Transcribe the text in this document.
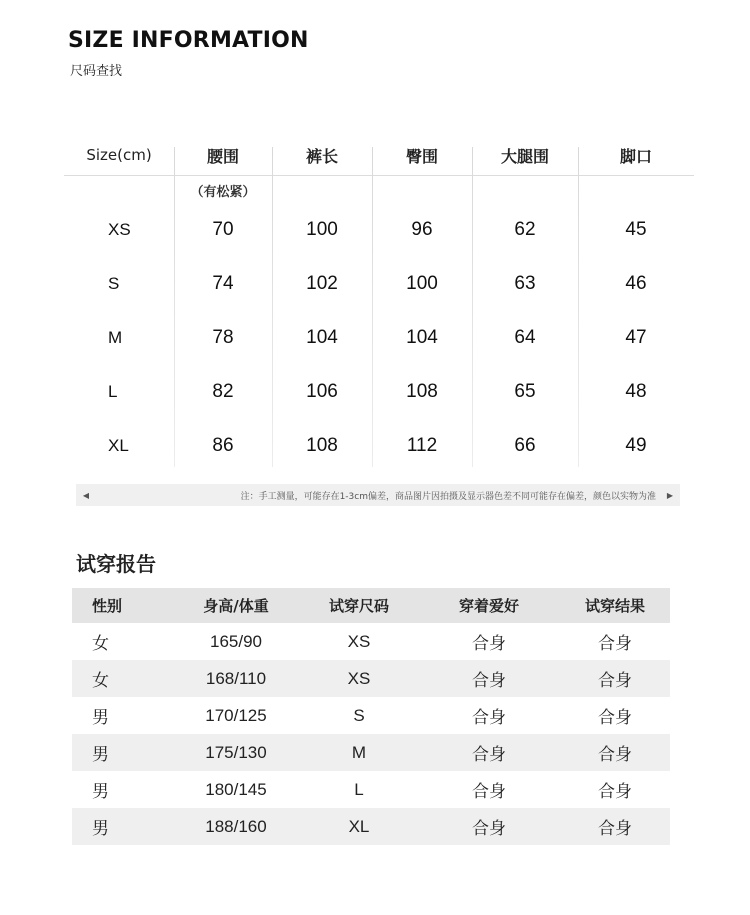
SIZE INFORMATION
尺码查找
Size(cm)	腰围	裤长	臀围	大腿围	脚口
（有松紧）
XS	70	100	96	62	45
S	74	102	100	63	46
M	78	104	104	64	47
L	82	106	108	65	48
XL	86	108	112	66	49
◀	注：手工测量，可能存在1-3cm偏差，商品图片因拍摄及显示器色差不同可能存在偏差，颜色以实物为准	▶
试穿报告
性别	身高/体重	试穿尺码	穿着爱好	试穿结果
女	165/90	XS	合身	合身
女	168/110	XS	合身	合身
男	170/125	S	合身	合身
男	175/130	M	合身	合身
男	180/145	L	合身	合身
男	188/160	XL	合身	合身
